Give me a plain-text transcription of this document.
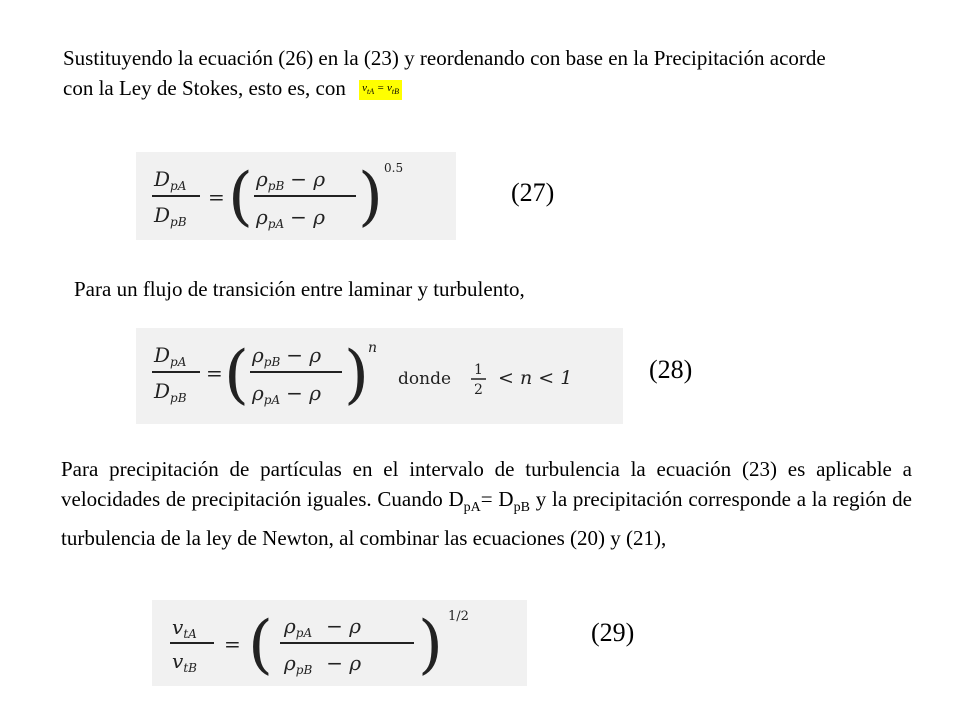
Sustituyendo la ecuación (26) en la (23) y reordenando con base en la Precipitación acorde con la Ley de Stokes, esto es, con $v_{tA} = v_{tB}$
$D_{pA}$
$D_{pB}$
= ( $\rho_{pB} - \rho$
$\rho_{pA} - \rho$ ) 0.5
(27)
Para un flujo de transición entre laminar y turbulento,
$D_{pA}$
$D_{pB}$
= ( $\rho_{pB} - \rho$
$\rho_{pA} - \rho$ ) n
donde 1
2
< n < 1	(28)
Para precipitación de partículas en el intervalo de turbulencia la ecuación (23) es aplicable a velocidades de precipitación iguales. Cuando $D_{pA}= D_{pB}$ y la precipitación corresponde a la región de turbulencia de la ley de Newton, al combinar las ecuaciones (20) y (21),
$v_{tA}$
$v_{tB}$
= ( $\rho_{pA} - \rho$
$\rho_{pB} - \rho$ ) 1/2
(29)
